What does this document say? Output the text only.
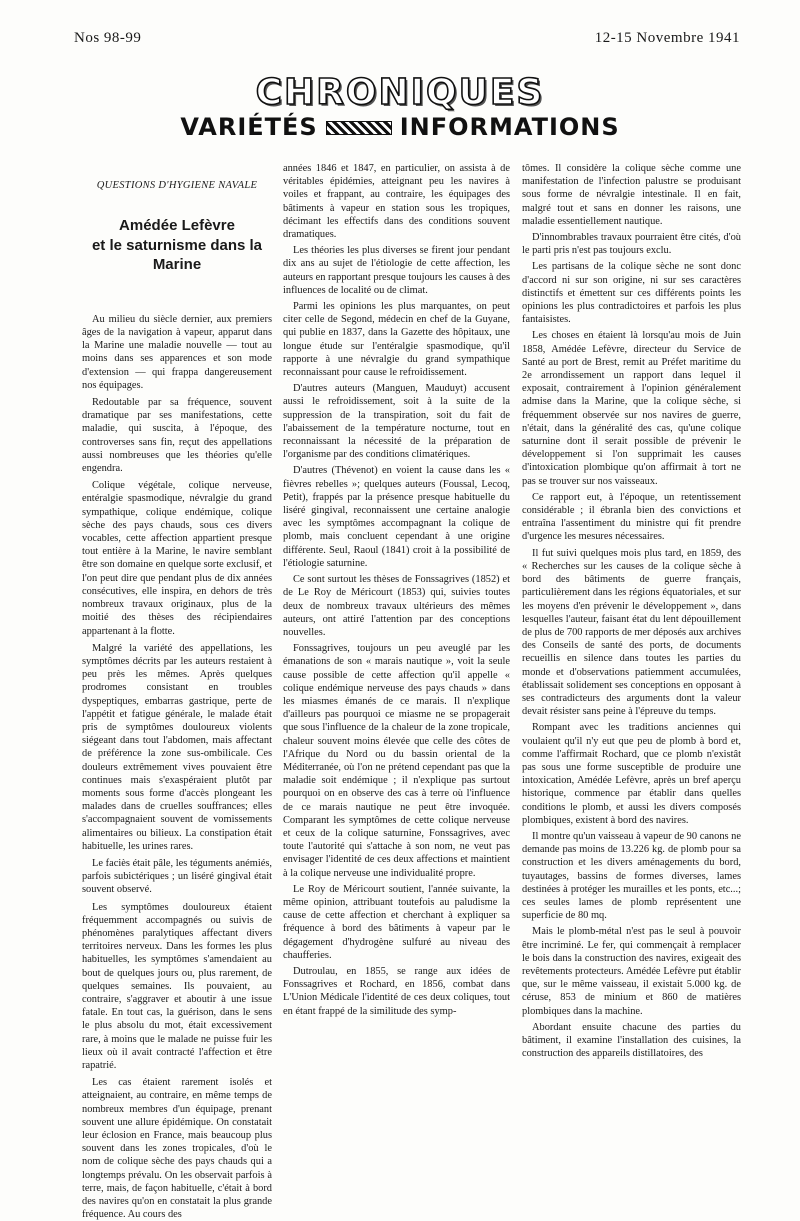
Nos 98-99	12-15 Novembre 1941
CHRONIQUES
VARIÉTÉS	INFORMATIONS

QUESTIONS D'HYGIENE NAVALE

Amédée Lefèvre
et le saturnisme dans la Marine

Au milieu du siècle dernier, aux premiers âges de la navigation à vapeur, apparut dans la Marine une maladie nouvelle — tout au moins dans ses apparences et son mode d'extension — qui frappa dangereusement nos équipages.

Redoutable par sa fréquence, souvent dramatique par ses manifestations, cette maladie, qui suscita, à l'époque, des controverses sans fin, reçut des appellations aussi nombreuses que les théories qu'elle engendra.

Colique végétale, colique nerveuse, entéralgie spasmodique, névralgie du grand sympathique, colique endémique, colique sèche des pays chauds, sous ces divers vocables, cette affection appartient presque tout entière à la Marine, le navire semblant être son domaine en quelque sorte exclusif, et l'on peut dire que pendant plus de dix années consécutives, elle inspira, en dehors de très nombreux travaux originaux, plus de la moitié des thèses des récipiendaires appartenant à la flotte.

Malgré la variété des appellations, les symptômes décrits par les auteurs restaient à peu près les mêmes. Après quelques prodromes consistant en troubles dyspeptiques, embarras gastrique, perte de l'appétit et fatigue générale, le malade était pris de symptômes douloureux violents siégeant dans tout l'abdomen, mais affectant de préférence la zone sus-ombilicale. Ces douleurs extrêmement vives pouvaient être continues mais s'exaspéraient plutôt par moments sous forme d'accès plongeant les malades dans de cruelles souffrances; elles s'accompagnaient souvent de vomissements alimentaires ou bilieux. La constipation était habituelle, les urines rares.

Le faciès était pâle, les téguments anémiés, parfois subictériques ; un liséré gingival était souvent observé.

Les symptômes douloureux étaient fréquemment accompagnés ou suivis de phénomènes paralytiques affectant divers territoires nerveux. Dans les formes les plus habituelles, les symptômes s'amendaient au bout de quelques jours ou, plus rarement, de quelques semaines. Ils pouvaient, au contraire, s'aggraver et aboutir à une issue fatale. En tout cas, la guérison, dans le sens le plus absolu du mot, était excessivement rare, à moins que le malade ne puisse fuir les lieux où il avait contracté l'affection et être rapatrié.

Les cas étaient rarement isolés et atteignaient, au contraire, en même temps de nombreux membres d'un équipage, prenant souvent une allure épidémique. On constatait leur éclosion en France, mais beaucoup plus souvent dans les zones tropicales, d'où le nom de colique sèche des pays chauds qui a longtemps prévalu. On les observait parfois à terre, mais, de façon habituelle, c'était à bord des navires qu'on en constatait la plus grande fréquence. Au cours des

années 1846 et 1847, en particulier, on assista à de véritables épidémies, atteignant peu les navires à voiles et frappant, au contraire, les équipages des bâtiments à vapeur en station sous les tropiques, décimant les effectifs dans des conditions souvent dramatiques.

Les théories les plus diverses se firent jour pendant dix ans au sujet de l'étiologie de cette affection, les auteurs en rapportant presque toujours les causes à des influences de localité ou de climat.

Parmi les opinions les plus marquantes, on peut citer celle de Segond, médecin en chef de la Guyane, qui publie en 1837, dans la Gazette des hôpitaux, une longue étude sur l'entéralgie spasmodique, qu'il rapporte à une névralgie du grand sympathique reconnaissant pour cause le refroidissement.

D'autres auteurs (Manguen, Mauduyt) accusent aussi le refroidissement, soit à la suite de la suppression de la transpiration, soit du fait de l'abaissement de la température nocturne, tout en reconnaissant la nécessité de la préparation de l'organisme par des conditions climatériques.

D'autres (Thévenot) en voient la cause dans les « fièvres rebelles »; quelques auteurs (Foussal, Lecoq, Petit), frappés par la présence presque habituelle du liséré gingival, reconnaissent une certaine analogie avec les symptômes accompagnant la colique de plomb, mais concluent cependant à une origine différente. Seul, Raoul (1841) croit à la possibilité de l'étiologie saturnine.

Ce sont surtout les thèses de Fonssagrives (1852) et de Le Roy de Méricourt (1853) qui, suivies toutes deux de nombreux travaux ultérieurs des mêmes auteurs, ont attiré l'attention par des conceptions nouvelles.

Fonssagrives, toujours un peu aveuglé par les émanations de son « marais nautique », voit la seule cause possible de cette affection qu'il appelle « colique endémique nerveuse des pays chauds » dans les miasmes émanés de ce marais. Il n'explique d'ailleurs pas pourquoi ce miasme ne se propagerait que sous l'influence de la chaleur de la zone tropicale, chaleur souvent moins élevée que celle des côtes de l'Afrique du Nord ou du bassin oriental de la Méditerranée, où l'on ne prétend cependant pas que la maladie soit endémique ; il n'explique pas surtout pourquoi on en observe des cas à terre où l'influence de ce marais nautique ne peut être invoquée. Comparant les symptômes de cette colique nerveuse et ceux de la colique saturnine, Fonssagrives, avec toute l'autorité qui s'attache à son nom, ne veut pas envisager l'identité de ces deux affections et maintient à la colique nerveuse une individualité propre.

Le Roy de Méricourt soutient, l'année suivante, la même opinion, attribuant toutefois au paludisme la cause de cette affection et cherchant à expliquer sa fréquence à bord des bâtiments à vapeur par le dégagement d'hydrogène sulfuré au niveau des chaufferies.

Dutroulau, en 1855, se range aux idées de Fonssagrives et Rochard, en 1856, combat dans L'Union Médicale l'identité de ces deux coliques, tout en étant frappé de la similitude des symp-

tômes. Il considère la colique sèche comme une manifestation de l'infection palustre se produisant sous forme de névralgie intestinale. Il en fait, malgré tout et sans en donner les raisons, une maladie essentiellement nautique.

D'innombrables travaux pourraient être cités, d'où le parti pris n'est pas toujours exclu.

Les partisans de la colique sèche ne sont donc d'accord ni sur son origine, ni sur ses caractères distinctifs et émettent sur ces différents points les opinions les plus contradictoires et parfois les plus fantaisistes.

Les choses en étaient là lorsqu'au mois de Juin 1858, Amédée Lefèvre, directeur du Service de Santé au port de Brest, remit au Préfet maritime du 2e arrondissement un rapport dans lequel il exposait, contrairement à l'opinion généralement admise dans la Marine, que la colique sèche, si fréquemment observée sur nos navires de guerre, n'était, dans la généralité des cas, qu'une colique saturnine dont il serait possible de prévenir le développement si l'on supprimait les causes d'intoxication plombique qu'on affirmait à tort ne pas se trouver sur nos vaisseaux.

Ce rapport eut, à l'époque, un retentissement considérable ; il ébranla bien des convictions et entraîna l'assentiment du ministre qui fit prendre d'urgence les mesures nécessaires.

Il fut suivi quelques mois plus tard, en 1859, des « Recherches sur les causes de la colique sèche à bord des bâtiments de guerre français, particulièrement dans les régions équatoriales, et sur les moyens d'en prévenir le développement », dans lesquelles l'auteur, faisant état du lent dépouillement de plus de 700 rapports de mer déposés aux archives des Conseils de santé des ports, de documents recueillis en silence dans toutes les parties du monde et d'observations patiemment accumulées, établissait solidement ses conceptions en opposant à ses contradicteurs des arguments dont la valeur devait résister sans peine à l'épreuve du temps.

Rompant avec les traditions anciennes qui voulaient qu'il n'y eut que peu de plomb à bord et, comme l'affirmait Rochard, que ce plomb n'existât pas sous une forme susceptible de produire une intoxication, Amédée Lefèvre, après un bref aperçu historique, commence par établir dans quelles conditions le plomb, et aussi les divers composés plombiques, existent à bord des navires.

Il montre qu'un vaisseau à vapeur de 90 canons ne demande pas moins de 13.226 kg. de plomb pour sa construction et les divers aménagements du bord, tuyautages, bassins de formes diverses, lames destinées à protéger les murailles et les ponts, etc...; ces seules lames de plomb représentent une superficie de 80 mq.

Mais le plomb-métal n'est pas le seul à pouvoir être incriminé. Le fer, qui commençait à remplacer le bois dans la construction des navires, exigeait des revêtements protecteurs. Amédée Lefèvre put établir que, sur le même vaisseau, il existait 5.000 kg. de céruse, 853 de minium et 860 de matières plombiques dans la machine.

Abordant ensuite chacune des parties du bâtiment, il examine l'installation des cuisines, la construction des appareils distillatoires, des
